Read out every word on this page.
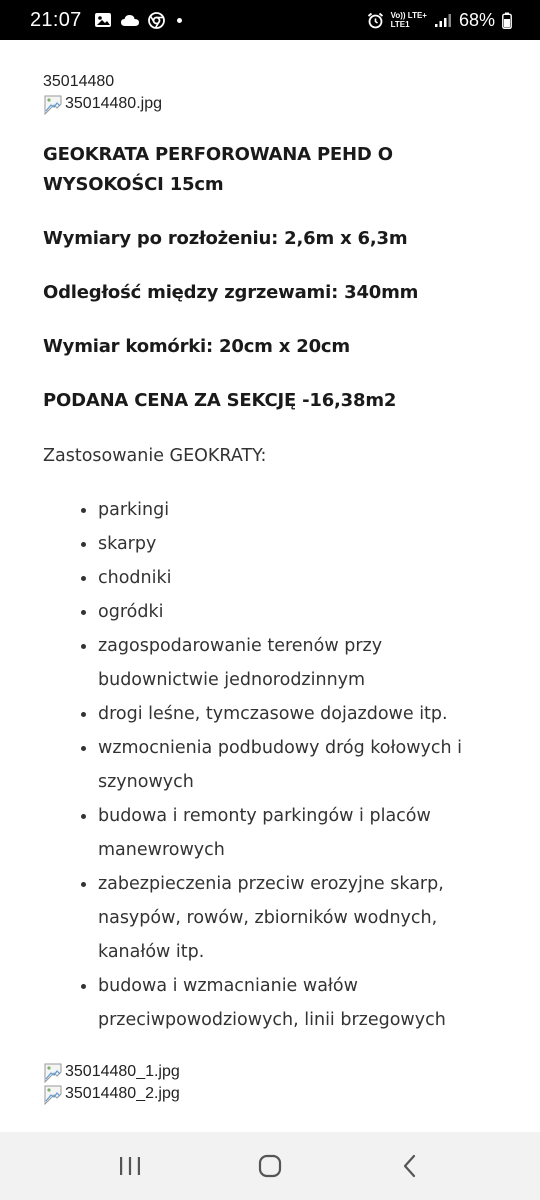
21:07	Vo)) LTE+
LTE1	68%
35014480
35014480.jpg

GEOKRATA PERFOROWANA PEHD O WYSOKOŚCI 15cm

Wymiary po rozłożeniu: 2,6m x 6,3m

Odległość między zgrzewami: 340mm

Wymiar komórki: 20cm x 20cm

PODANA CENA ZA SEKCJĘ -16,38m2

Zastosowanie GEOKRATY:

parkingi
skarpy
chodniki
ogródki
zagospodarowanie terenów przy budownictwie jednorodzinnym
drogi leśne, tymczasowe dojazdowe itp.
wzmocnienia podbudowy dróg kołowych i szynowych
budowa i remonty parkingów i placów manewrowych
zabezpieczenia przeciw erozyjne skarp, nasypów, rowów, zbiorników wodnych, kanałów itp.
budowa i wzmacnianie wałów przeciwpowodziowych, linii brzegowych
35014480_1.jpg
35014480_2.jpg
